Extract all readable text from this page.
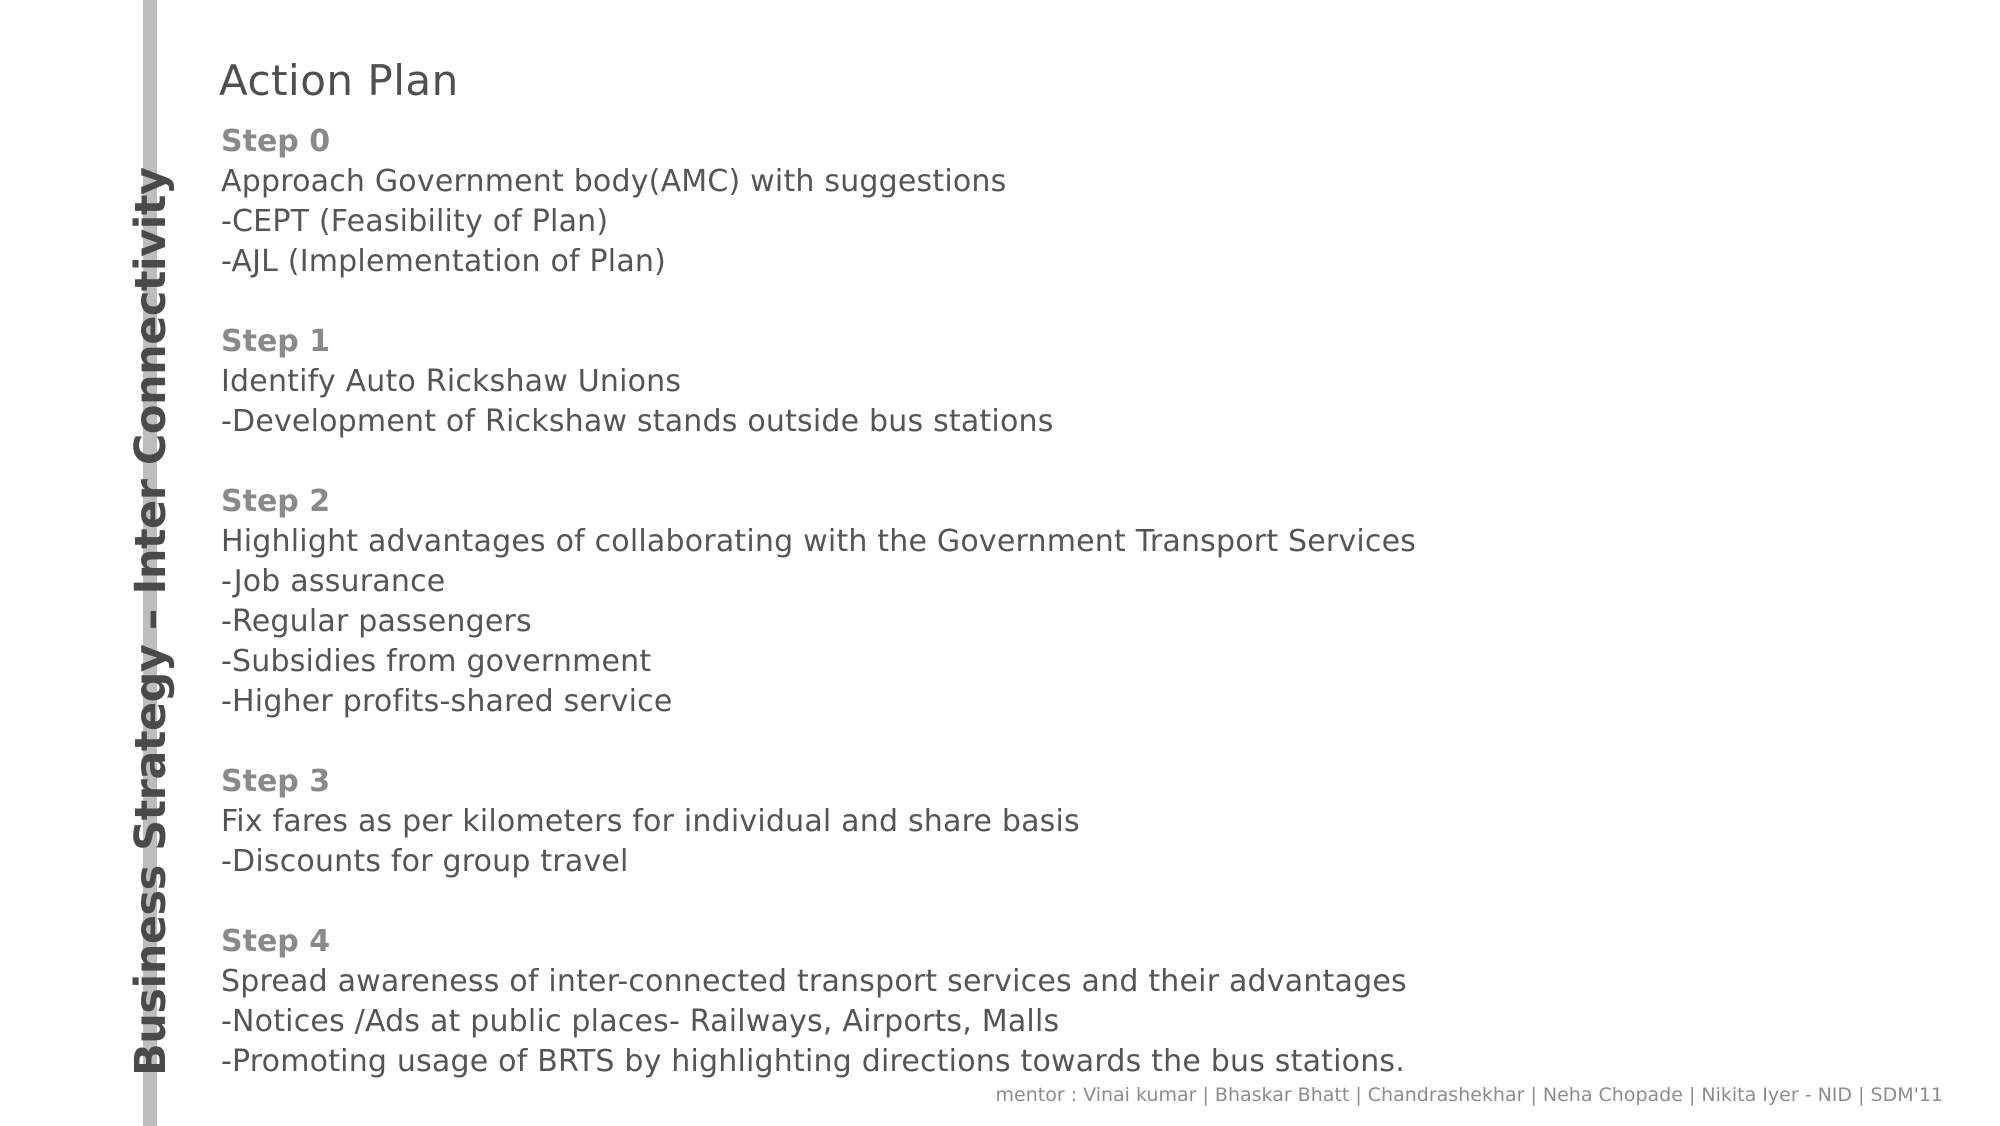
Business Strategy – Inter Connectivity
Action Plan
Step 0
Approach Government body(AMC) with suggestions
-CEPT (Feasibility of Plan)
-AJL (Implementation of Plan)
Step 1
Identify Auto Rickshaw Unions
-Development of Rickshaw stands outside bus stations
Step 2
Highlight advantages of collaborating with the Government Transport Services
-Job assurance
-Regular passengers
-Subsidies from government
-Higher profits-shared service
Step 3
Fix fares as per kilometers for individual and share basis
-Discounts for group travel
Step 4
Spread awareness of inter-connected transport services and their advantages
-Notices /Ads at public places- Railways, Airports, Malls
-Promoting usage of BRTS by highlighting directions towards the bus stations.
mentor : Vinai kumar | Bhaskar Bhatt | Chandrashekhar | Neha Chopade | Nikita Iyer - NID | SDM'11
